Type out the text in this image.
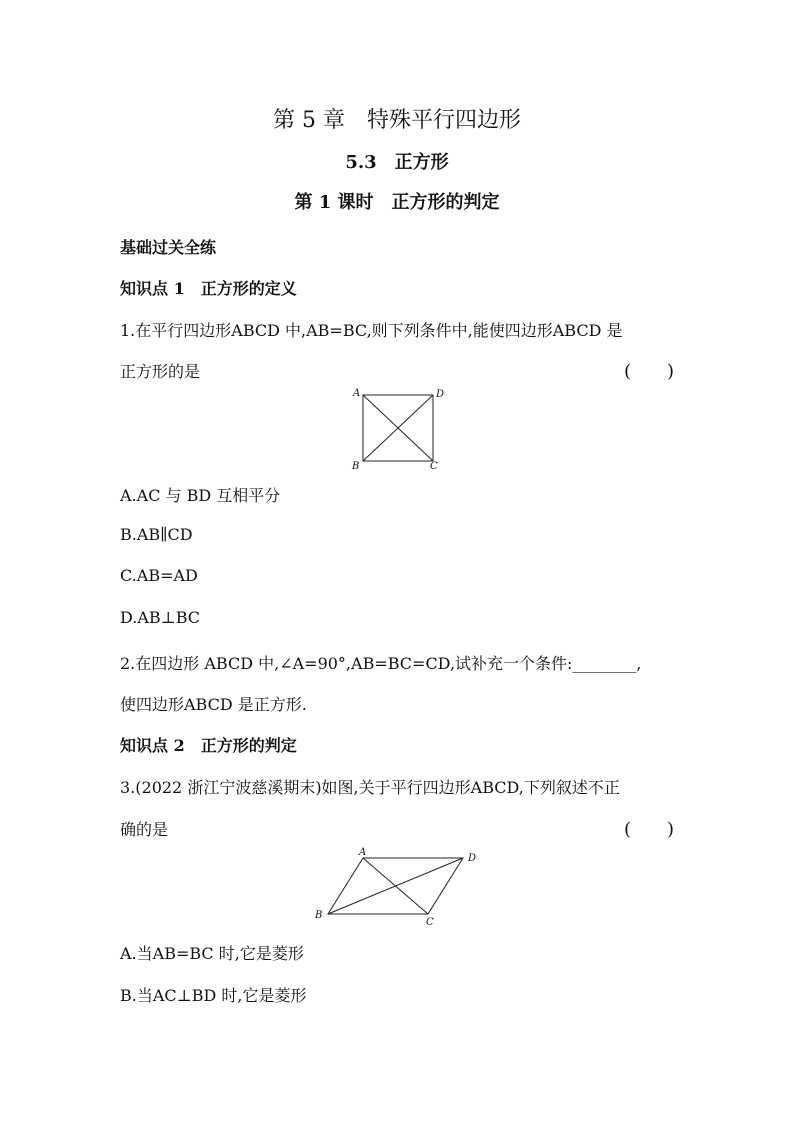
第 5 章　特殊平行四边形
5.3　正方形
第 1 课时　正方形的判定
基础过关全练
知识点 1　正方形的定义
1.在平行四边形ABCD 中,AB=BC,则下列条件中,能使四边形ABCD 是
正方形的是	(　　)
A	D
B	C
A.AC 与 BD 互相平分
B.AB∥CD
C.AB=AD
D.AB⊥BC
2.在四边形 ABCD 中,∠A=90°,AB=BC=CD,试补充一个条件:________,
使四边形ABCD 是正方形.
知识点 2　正方形的判定
3.(2022 浙江宁波慈溪期末)如图,关于平行四边形ABCD,下列叙述不正
确的是	(　　)
A
D
B
C
A.当AB=BC 时,它是菱形
B.当AC⊥BD 时,它是菱形
